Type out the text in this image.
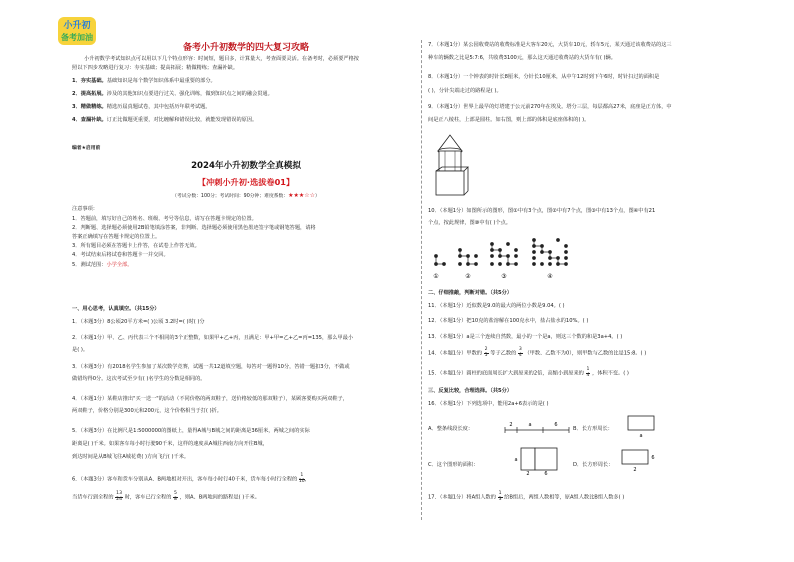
备考小升初数学的四大复习攻略
小升初数学考试知识点可以用以下几个特点形容：时间短，题目多，计算量大，考查面要灵活。在备考时，必须要严格按
照以下四步攻略进行复习：夯实基础；提高拓展；精做精练；查漏补缺。
1．夯实基础。基础知识是每个数学知识体系中最重要的部分。
2．提高拓展。涉及的其他知识点要进行过关、强化训练，做到知识点之间的融会贯通。
3．精做精练。精选历届真题试卷，其中包括历年联考试题。
4．查漏补缺。订正比做题更重要，对比缠解和错误比较，就能发现错误的原因。
编者★启用前
2024年小升初数学全真模拟
【冲刺小升初·选拔卷01】
（考试分数：100分；考试时间：90分钟；难度系数：★★★☆☆）
注意事项：
1．答题前，填写好自己的姓名、班级、考号等信息，请写在答题卡规定的位置。
2．判断题、选择题必须使用2B铅笔填涂答案，非判断、选择题必须使用黑色墨迹签字笔或钢笔答题，请将
答案正确填写在答题卡规定的位置上。
3．所有题目必须在答题卡上作答，在试卷上作答无效。
4．考试结束后将试卷和答题卡一并交回。
5．测试范围：小学全部。
一、用心思考，认真填空。（共15分）
1．（本题3分）8公顷20平方米=( )公顷 3.2时=( )时( )分
2．（本题1分）甲、乙、丙代表三个不相同的3个正整数，如果甲+乙+丙，且满足：甲+甲=乙+乙=丙=135，那么甲最小
是( )。
3．（本题3分）有2018名学生参加了某次数学竞赛，试题一共12道填空题，每答对一题得10分，答错一题扣3分，不做或
做错均得0分。这次考试至少有( )名学生的分数是相同的。
4．（本题1分）某鞋店推出"买一送一"的活动（不同价格的两双鞋子，送价格较低的那双鞋子），某顾客要购买两双鞋子，
两双鞋子，价格分别是300元和200元，这个价格相当于打( )折。
5．（本题3分）在比例尺是1:5000000的图纸上，量得A城与B城之间的距离是36厘米，两城之间的实际
距离是( )千米。如果客车每小时行驶90千米，这样的速度从A城往西南方向开往B城，
到达时间是从B城飞往A城花费( )方向飞行( )千米。
6．（本题3分）客车和货车分别从A、B两地相对开出，客车每小时行40千米，货车每小时行全程的 $\frac{1}{10}$ ，
当货车行到全程的 $\frac{13}{24}$ 时，客车已行全程的 $\frac{5}{8}$ ，则A、B两地间的路程是( )千米。
小升初
备考加油
7．（本题1分）某公园收费站的收费标准是大客车20元，大货车10元，轿车5元，某天通过该收费站的这三
种车的辆数之比是5:7:6，共收费3100元，那么这天通过收费站的大货车有( )辆。
8．（本题1分）一个钟表的时针长8厘米，分针长10厘米，从中午12时到下午6时，时针扫过的面积是
( )，分针尖端走过的路程是( )。
9．（本题1分）世界上最早的灯塔建于公元前270年在埃及。塔分三层，每层都高27米，底座是正方体，中
间是正八棱柱，上部是圆柱。如右图，则上部的体积是底座体积的( )。
10．（本题1分）如图所示的图形，图①中有3个点，图②中有7个点，图③中有13个点，图④中有21
个点，按此规律，图⑩中有( )个点。
二、仔细推敲，判断对错。（共5分）
11．（本题1分）近似数是9.0的最大的两位小数是9.04。( )
12．（本题1分）把10克的盐溶解在100克水中，盐占盐水的10%。( )
13．（本题1分）a是三个连续自然数，最小的一个是a，则这三个数的和是3a+4。( )
14．（本题1分）甲数的 $\frac{2}{5}$ 等于乙数的 $\frac{3}{4}$ （甲数、乙数不为0），则甲数与乙数的比是15:8。( )
15．（本题1分）圆柱的底面周长扩大到原来的2倍，高缩小到原来的 $\frac{1}{4}$ ，体积不变。( )
三、反复比较，合理选择。（共5分）
16．（本题1分）下列选项中，能用2a+6表示的是( )
A．整条线段长度：	B．长方形周长：
C．这个图形的面积：	D．长方形周长：
17．（本题1分）将A组人数的 $\frac{1}{3}$ 给B组后，两组人数相等，原A组人数比B组人数多( )
①	②	③	④
2	a	6
a
a
2	6
6
2
